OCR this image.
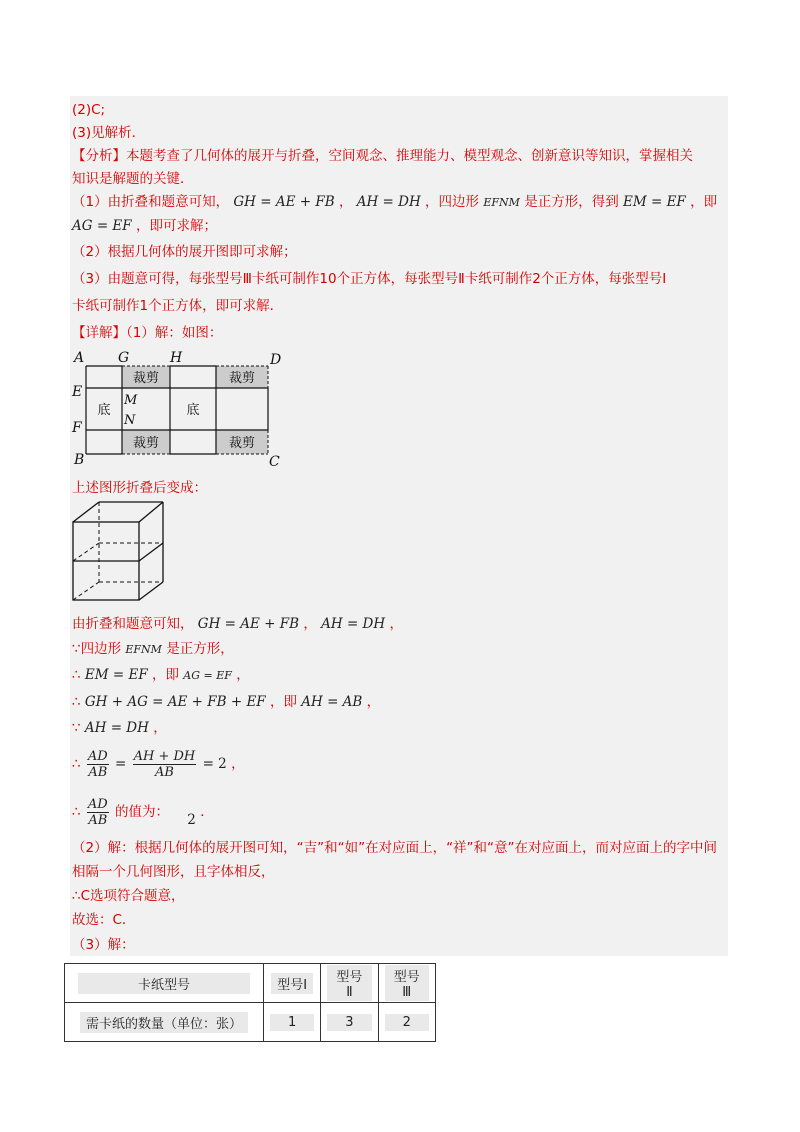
(2)C;
(3)见解析．
【分析】本题考查了几何体的展开与折叠，空间观念、推理能力、模型观念、创新意识等知识，掌握相关
知识是解题的关键．
（1）由折叠和题意可知， GH = AE + FB ， AH = DH ，四边形 EFNM 是正方形，得到 EM = EF ，即
AG = EF ，即可求解；
（2）根据几何体的展开图即可求解；
（3）由题意可得，每张型号Ⅲ卡纸可制作10个正方体，每张型号Ⅱ卡纸可制作2个正方体，每张型号Ⅰ
卡纸可制作1个正方体，即可求解．
【详解】（1）解：如图：
A G	H	D
E
F
B	C
M
N
裁剪	裁剪
裁剪	裁剪
底	底
上述图形折叠后变成：
由折叠和题意可知， GH = AE + FB ， AH = DH ，
∵四边形 EFNM 是正方形，
∴ EM = EF ，即 AG = EF ，
∴ GH + AG = AE + FB + EF ，即 AH = AB ，
∵ AH = DH ，
∴ $\frac{AD}{AB} = \frac{AH + DH}{AB} = 2$ ，
∴ $\frac{AD}{AB}$ 的值为： 2 ．
（2）解：根据几何体的展开图可知，“吉”和“如”在对应面上，“祥”和“意”在对应面上，而对应面上的字中间
相隔一个几何图形，且字体相反，
∴C选项符合题意，
故选：C．
（3）解：
卡纸型号	型号Ⅰ	型号Ⅱ	型号Ⅲ
需卡纸的数量（单位：张）	1	3	2
